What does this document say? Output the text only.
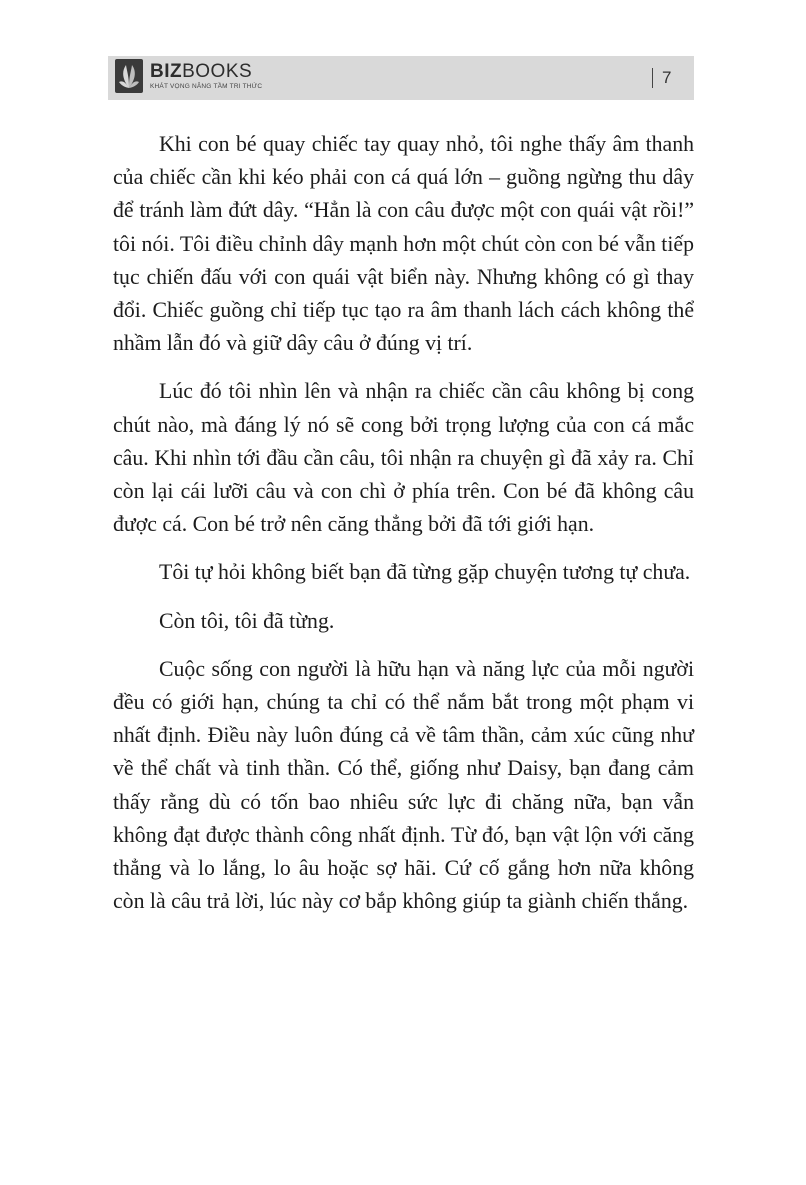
BIZBOOKS
KHÁT VỌNG NÂNG TẦM TRI THỨC	7

Khi con bé quay chiếc tay quay nhỏ, tôi nghe thấy âm thanh của chiếc cần khi kéo phải con cá quá lớn – guồng ngừng thu dây để tránh làm đứt dây. “Hẳn là con câu được một con quái vật rồi!” tôi nói. Tôi điều chỉnh dây mạnh hơn một chút còn con bé vẫn tiếp tục chiến đấu với con quái vật biển này. Nhưng không có gì thay đổi. Chiếc guồng chỉ tiếp tục tạo ra âm thanh lách cách không thể nhầm lẫn đó và giữ dây câu ở đúng vị trí.

Lúc đó tôi nhìn lên và nhận ra chiếc cần câu không bị cong chút nào, mà đáng lý nó sẽ cong bởi trọng lượng của con cá mắc câu. Khi nhìn tới đầu cần câu, tôi nhận ra chuyện gì đã xảy ra. Chỉ còn lại cái lưỡi câu và con chì ở phía trên. Con bé đã không câu được cá. Con bé trở nên căng thẳng bởi đã tới giới hạn.

Tôi tự hỏi không biết bạn đã từng gặp chuyện tương tự chưa.

Còn tôi, tôi đã từng.

Cuộc sống con người là hữu hạn và năng lực của mỗi người đều có giới hạn, chúng ta chỉ có thể nắm bắt trong một phạm vi nhất định. Điều này luôn đúng cả về tâm thần, cảm xúc cũng như về thể chất và tinh thần. Có thể, giống như Daisy, bạn đang cảm thấy rằng dù có tốn bao nhiêu sức lực đi chăng nữa, bạn vẫn không đạt được thành công nhất định. Từ đó, bạn vật lộn với căng thẳng và lo lắng, lo âu hoặc sợ hãi. Cứ cố gắng hơn nữa không còn là câu trả lời, lúc này cơ bắp không giúp ta giành chiến thắng.
